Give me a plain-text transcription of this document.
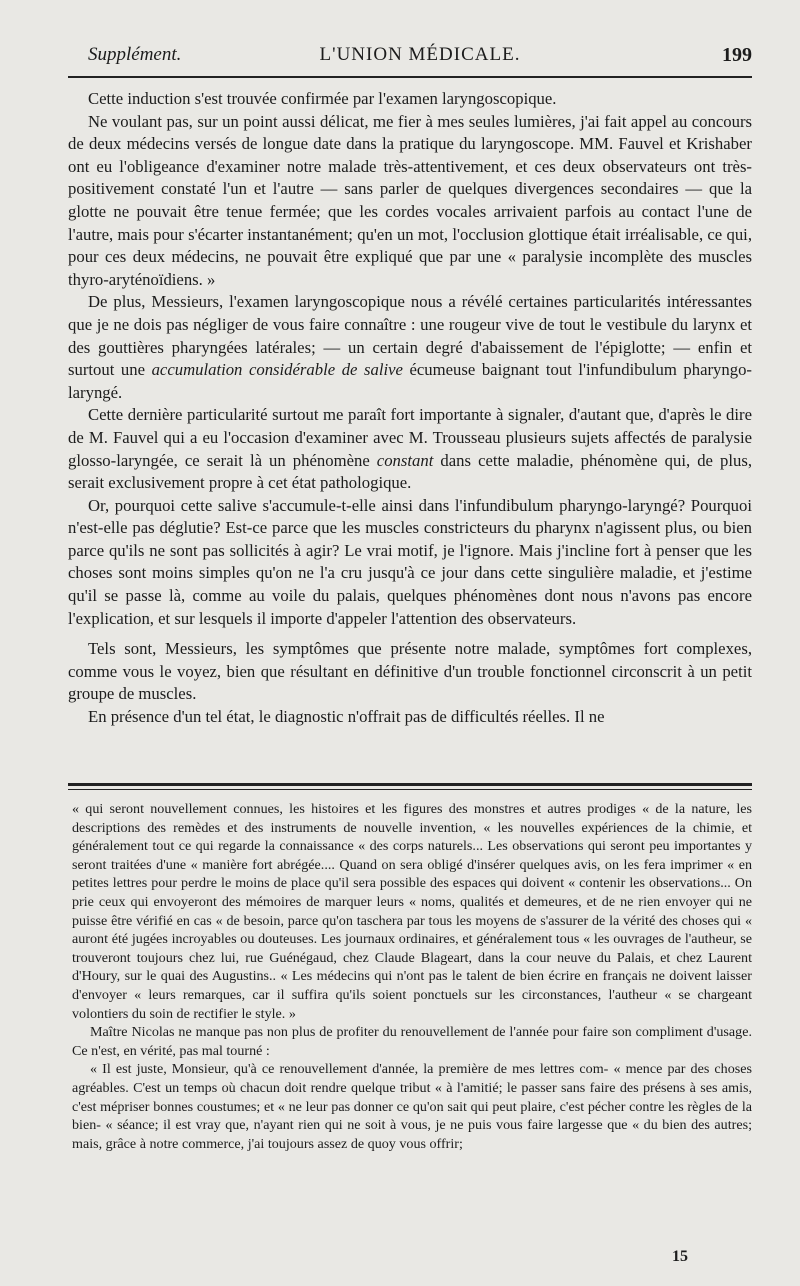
Supplément.	L'UNION MÉDICALE.	199

Cette induction s'est trouvée confirmée par l'examen laryngoscopique.

Ne voulant pas, sur un point aussi délicat, me fier à mes seules lumières, j'ai fait appel au concours de deux médecins versés de longue date dans la pratique du laryngoscope. MM. Fauvel et Krishaber ont eu l'obligeance d'examiner notre malade très-attentivement, et ces deux observateurs ont très-positivement constaté l'un et l'autre — sans parler de quelques divergences secondaires — que la glotte ne pouvait être tenue fermée; que les cordes vocales arrivaient parfois au contact l'une de l'autre, mais pour s'écarter instantanément; qu'en un mot, l'occlusion glottique était irréalisable, ce qui, pour ces deux médecins, ne pouvait être expliqué que par une « paralysie incomplète des muscles thyro-aryténoïdiens. »

De plus, Messieurs, l'examen laryngoscopique nous a révélé certaines particularités intéressantes que je ne dois pas négliger de vous faire connaître : une rougeur vive de tout le vestibule du larynx et des gouttières pharyngées latérales; — un certain degré d'abaissement de l'épiglotte; — enfin et surtout une accumulation considérable de salive écumeuse baignant tout l'infundibulum pharyngo-laryngé.

Cette dernière particularité surtout me paraît fort importante à signaler, d'autant que, d'après le dire de M. Fauvel qui a eu l'occasion d'examiner avec M. Trousseau plusieurs sujets affectés de paralysie glosso-laryngée, ce serait là un phénomène constant dans cette maladie, phénomène qui, de plus, serait exclusivement propre à cet état pathologique.

Or, pourquoi cette salive s'accumule-t-elle ainsi dans l'infundibulum pharyngo-laryngé? Pourquoi n'est-elle pas déglutie? Est-ce parce que les muscles constricteurs du pharynx n'agissent plus, ou bien parce qu'ils ne sont pas sollicités à agir? Le vrai motif, je l'ignore. Mais j'incline fort à penser que les choses sont moins simples qu'on ne l'a cru jusqu'à ce jour dans cette singulière maladie, et j'estime qu'il se passe là, comme au voile du palais, quelques phénomènes dont nous n'avons pas encore l'explication, et sur lesquels il importe d'appeler l'attention des observateurs.

Tels sont, Messieurs, les symptômes que présente notre malade, symptômes fort complexes, comme vous le voyez, bien que résultant en définitive d'un trouble fonctionnel circonscrit à un petit groupe de muscles.

En présence d'un tel état, le diagnostic n'offrait pas de difficultés réelles. Il ne

« qui seront nouvellement connues, les histoires et les figures des monstres et autres prodiges « de la nature, les descriptions des remèdes et des instruments de nouvelle invention, « les nouvelles expériences de la chimie, et généralement tout ce qui regarde la connaissance « des corps naturels... Les observations qui seront peu importantes y seront traitées d'une « manière fort abrégée.... Quand on sera obligé d'insérer quelques avis, on les fera imprimer « en petites lettres pour perdre le moins de place qu'il sera possible des espaces qui doivent « contenir les observations... On prie ceux qui envoyeront des mémoires de marquer leurs « noms, qualités et demeures, et de ne rien envoyer qui ne puisse être vérifié en cas « de besoin, parce qu'on taschera par tous les moyens de s'assurer de la vérité des choses qui « auront été jugées incroyables ou douteuses. Les journaux ordinaires, et généralement tous « les ouvrages de l'autheur, se trouveront toujours chez lui, rue Guénégaud, chez Claude Blageart, dans la cour neuve du Palais, et chez Laurent d'Houry, sur le quai des Augustins.. « Les médecins qui n'ont pas le talent de bien écrire en français ne doivent laisser d'envoyer « leurs remarques, car il suffira qu'ils soient ponctuels sur les circonstances, l'autheur « se chargeant volontiers du soin de rectifier le style. »

Maître Nicolas ne manque pas non plus de profiter du renouvellement de l'année pour faire son compliment d'usage. Ce n'est, en vérité, pas mal tourné :

« Il est juste, Monsieur, qu'à ce renouvellement d'année, la première de mes lettres com- « mence par des choses agréables. C'est un temps où chacun doit rendre quelque tribut « à l'amitié; le passer sans faire des présens à ses amis, c'est mépriser bonnes coustumes; et « ne leur pas donner ce qu'on sait qui peut plaire, c'est pécher contre les règles de la bien- « séance; il est vray que, n'ayant rien qui ne soit à vous, je ne puis vous faire largesse que « du bien des autres; mais, grâce à notre commerce, j'ai toujours assez de quoy vous offrir;

15
